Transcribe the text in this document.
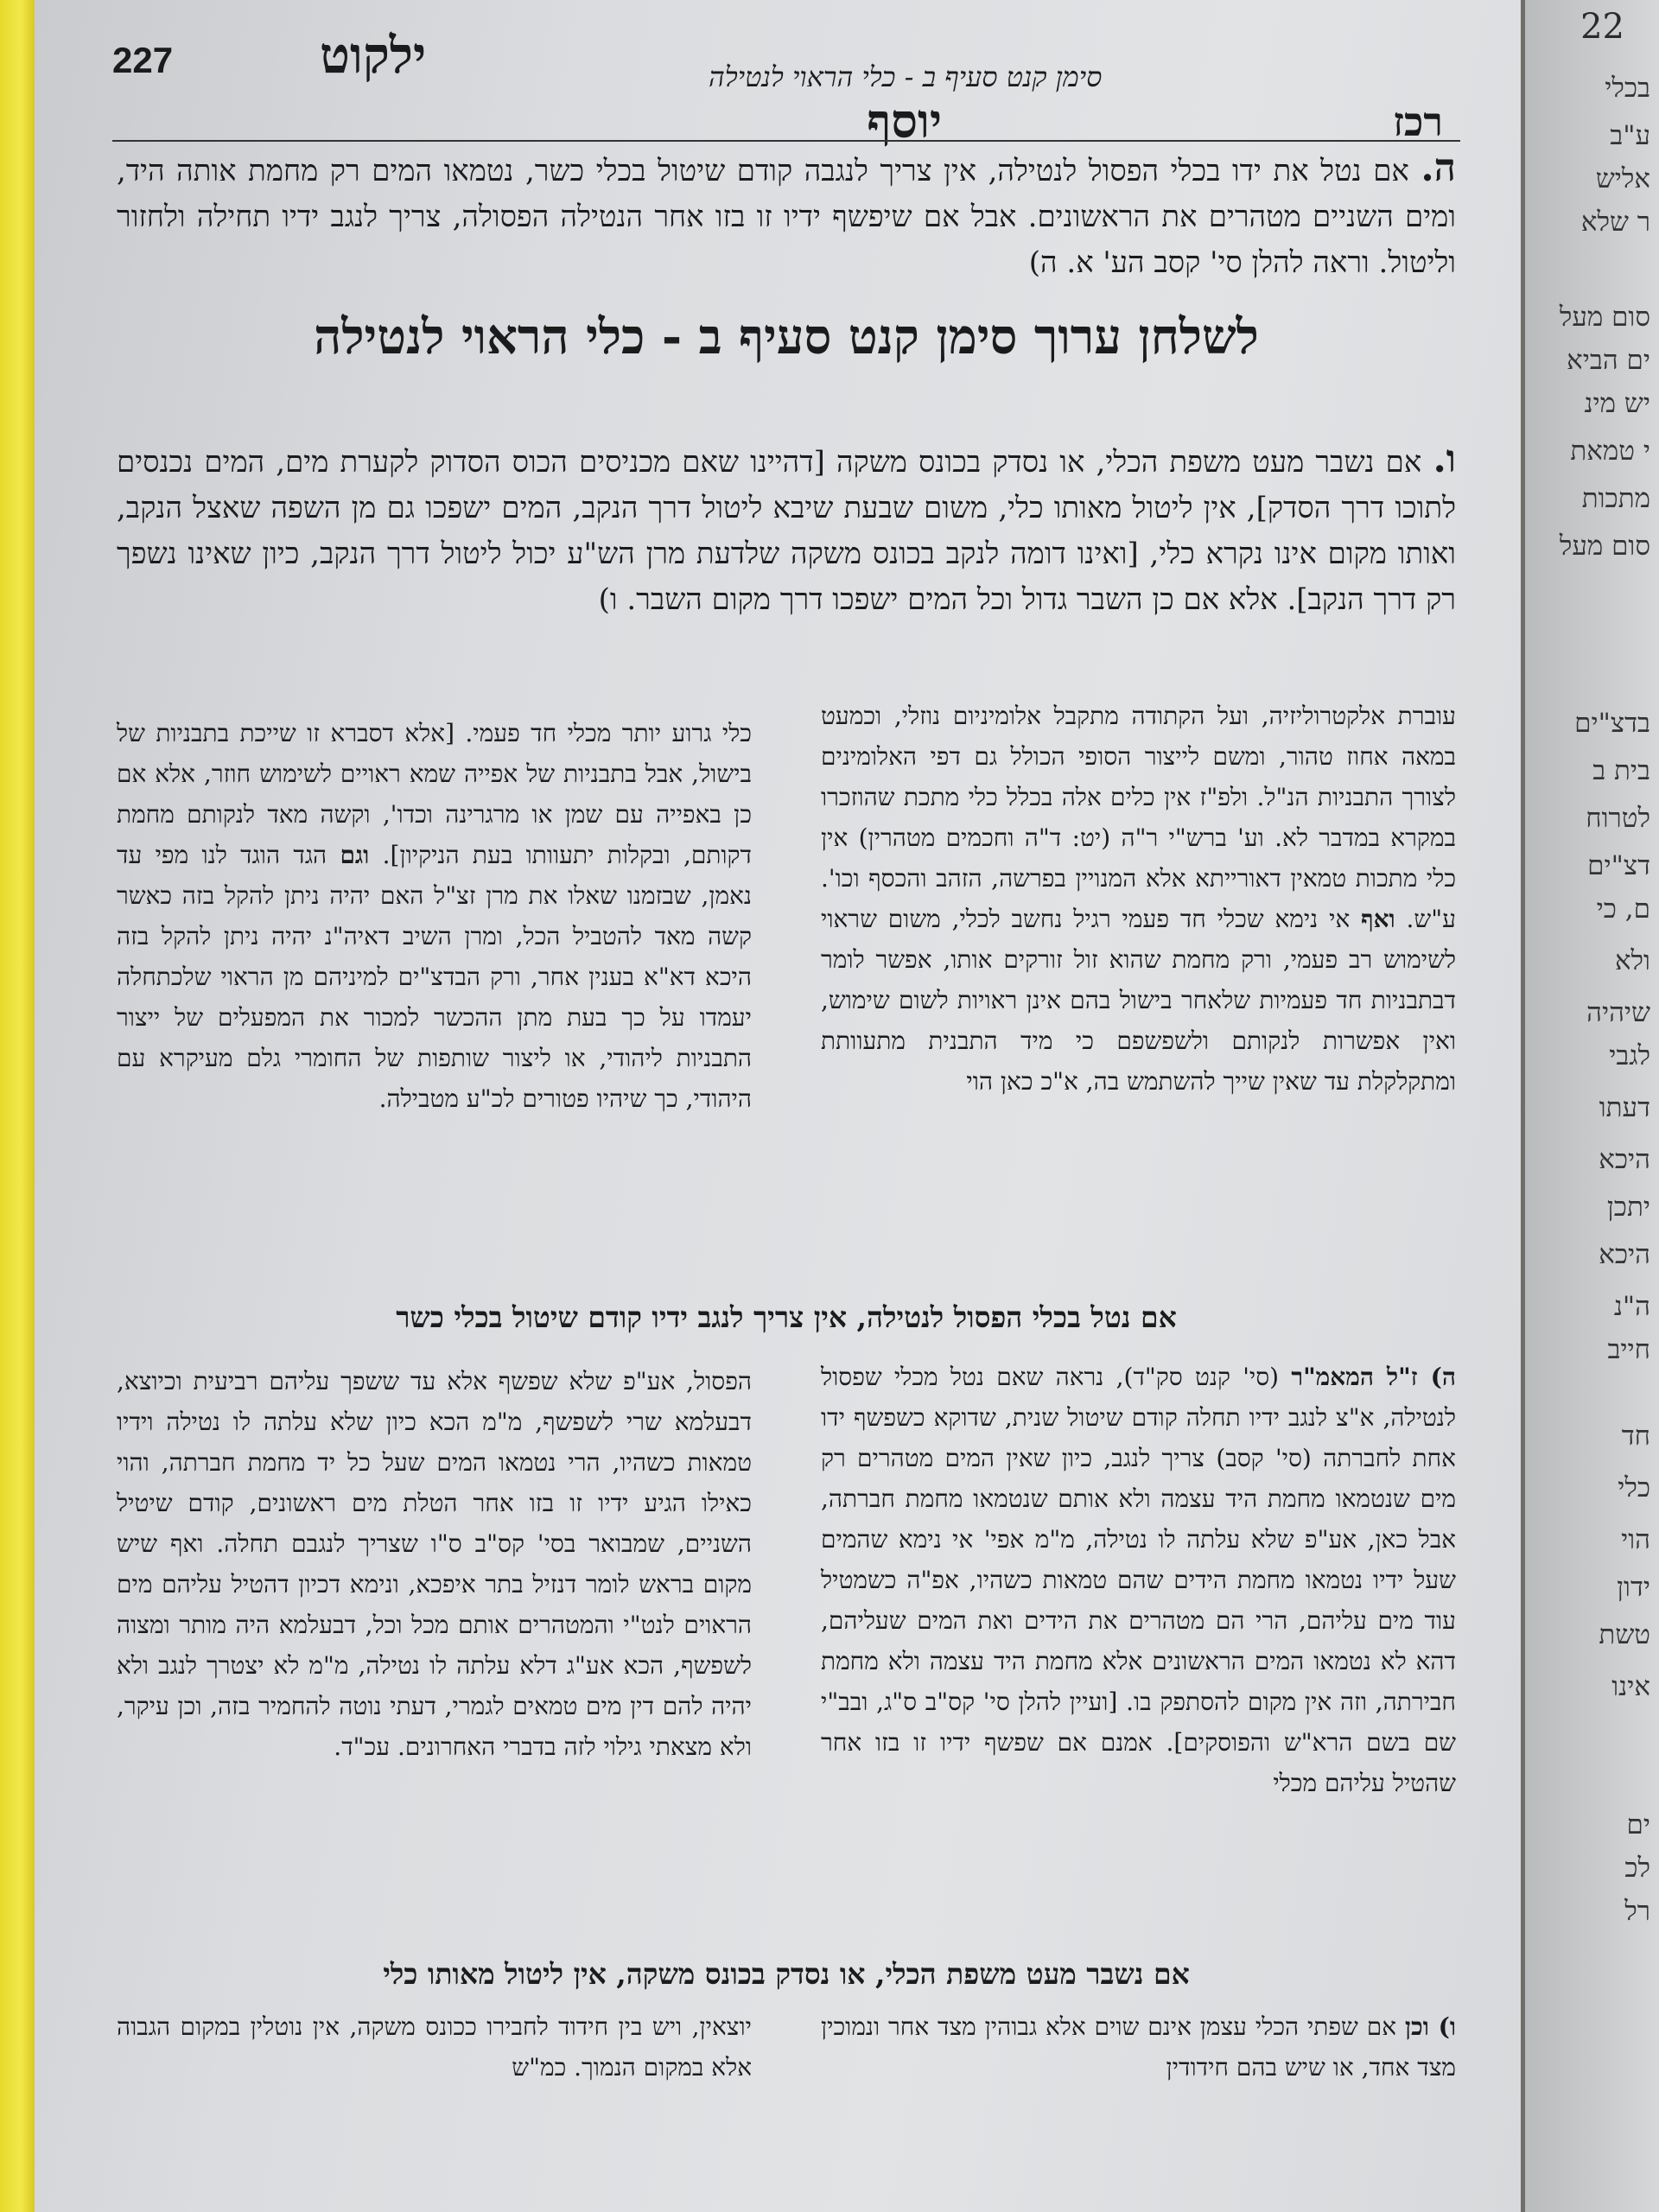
227	ילקוט	סימן קנט סעיף ב - כלי הראוי לנטילה
יוסף	רכז
ה. אם נטל את ידו בכלי הפסול לנטילה, אין צריך לנגבה קודם שיטול בכלי כשר, נטמאו המים רק מחמת אותה היד, ומים השניים מטהרים את הראשונים. אבל אם שיפשף ידיו זו בזו אחר הנטילה הפסולה, צריך לנגב ידיו תחילה ולחזור וליטול. וראה להלן סי' קסב הע' א. ה)
לשלחן ערוך סימן קנט סעיף ב - כלי הראוי לנטילה
ו. אם נשבר מעט משפת הכלי, או נסדק בכונס משקה [דהיינו שאם מכניסים הכוס הסדוק לקערת מים, המים נכנסים לתוכו דרך הסדק], אין ליטול מאותו כלי, משום שבעת שיבא ליטול דרך הנקב, המים ישפכו גם מן השפה שאצל הנקב, ואותו מקום אינו נקרא כלי, [ואינו דומה לנקב בכונס משקה שלדעת מרן הש"ע יכול ליטול דרך הנקב, כיון שאינו נשפך רק דרך הנקב]. אלא אם כן השבר גדול וכל המים ישפכו דרך מקום השבר. ו)
עוברת אלקטרוליזיה, ועל הקתודה מתקבל אלומיניום נוזלי, וכמעט במאה אחוז טהור, ומשם לייצור הסופי הכולל גם דפי האלומינים לצורך התבניות הנ"ל. ולפ"ז אין כלים אלה בכלל כלי מתכת שהוזכרו במקרא במדבר לא. וע' ברש"י ר"ה (יט: ד"ה וחכמים מטהרין) אין כלי מתכות טמאין דאורייתא אלא המנויין בפרשה, הזהב והכסף וכו'. ע"ש. ואף אי נימא שכלי חד פעמי רגיל נחשב לכלי, משום שראוי לשימוש רב פעמי, ורק מחמת שהוא זול זורקים אותו, אפשר לומר דבתבניות חד פעמיות שלאחר בישול בהם אינן ראויות לשום שימוש, ואין אפשרות לנקותם ולשפשפם כי מיד התבנית מתעוותת ומתקלקלת עד שאין שייך להשתמש בה, א"כ כאן הוי
כלי גרוע יותר מכלי חד פעמי. [אלא דסברא זו שייכת בתבניות של בישול, אבל בתבניות של אפייה שמא ראויים לשימוש חוזר, אלא אם כן באפייה עם שמן או מרגרינה וכדו', וקשה מאד לנקותם מחמת דקותם, ובקלות יתעוותו בעת הניקיון]. וגם הגד הוגד לנו מפי עד נאמן, שבזמנו שאלו את מרן זצ"ל האם יהיה ניתן להקל בזה כאשר קשה מאד להטביל הכל, ומרן השיב דאיה"נ יהיה ניתן להקל בזה היכא דא"א בענין אחר, ורק הבדצ"ים למיניהם מן הראוי שלכתחלה יעמדו על כך בעת מתן ההכשר למכור את המפעלים של ייצור התבניות ליהודי, או ליצור שותפות של החומרי גלם מעיקרא עם היהודי, כך שיהיו פטורים לכ"ע מטבילה.
אם נטל בכלי הפסול לנטילה, אין צריך לנגב ידיו קודם שיטול בכלי כשר
ה) ז"ל המאמ"ר (סי' קנט סק"ד), נראה שאם נטל מכלי שפסול לנטילה, א"צ לנגב ידיו תחלה קודם שיטול שנית, שדוקא כשפשף ידו אחת לחברתה (סי' קסב) צריך לנגב, כיון שאין המים מטהרים רק מים שנטמאו מחמת היד עצמה ולא אותם שנטמאו מחמת חברתה, אבל כאן, אע"פ שלא עלתה לו נטילה, מ"מ אפי' אי נימא שהמים שעל ידיו נטמאו מחמת הידים שהם טמאות כשהיו, אפ"ה כשמטיל עוד מים עליהם, הרי הם מטהרים את הידים ואת המים שעליהם, דהא לא נטמאו המים הראשונים אלא מחמת היד עצמה ולא מחמת חבירתה, וזה אין מקום להסתפק בו. [ועיין להלן סי' קס"ב ס"ג, ובב"י שם בשם הרא"ש והפוסקים]. אמנם אם שפשף ידיו זו בזו אחר שהטיל עליהם מכלי
הפסול, אע"פ שלא שפשף אלא עד ששפך עליהם רביעית וכיוצא, דבעלמא שרי לשפשף, מ"מ הכא כיון שלא עלתה לו נטילה וידיו טמאות כשהיו, הרי נטמאו המים שעל כל יד מחמת חברתה, והוי כאילו הגיע ידיו זו בזו אחר הטלת מים ראשונים, קודם שיטיל השניים, שמבואר בסי' קס"ב ס"ו שצריך לנגבם תחלה. ואף שיש מקום בראש לומר דנזיל בתר איפכא, ונימא דכיון דהטיל עליהם מים הראוים לנט"י והמטהרים אותם מכל וכל, דבעלמא היה מותר ומצוה לשפשף, הכא אע"ג דלא עלתה לו נטילה, מ"מ לא יצטרך לנגב ולא יהיה להם דין מים טמאים לגמרי, דעתי נוטה להחמיר בזה, וכן עיקר, ולא מצאתי גילוי לזה בדברי האחרונים. עכ"ד.
אם נשבר מעט משפת הכלי, או נסדק בכונס משקה, אין ליטול מאותו כלי
ו) וכן אם שפתי הכלי עצמן אינם שוים אלא גבוהין מצד אחר ונמוכין מצד אחד, או שיש בהם חידודין
יוצאין, ויש בין חידוד לחבירו ככונס משקה, אין נוטלין במקום הגבוה אלא במקום הנמוך. כמ"ש
22
בכלי
ע"ב
אליש
ר שלא
סום מעל
ים הביא
יש מינ
י טמאת
מתכות
סום מעל
בדצ"ים
בית ב
לטרוח
דצ"ים
ם, כי
ולא
שיהיה
לגבי
דעתו
היכא
יתכן
היכא
ה"נ
חייב
חד
כלי
הוי
ידון
טשת
אינו
ים
לכ
רל
